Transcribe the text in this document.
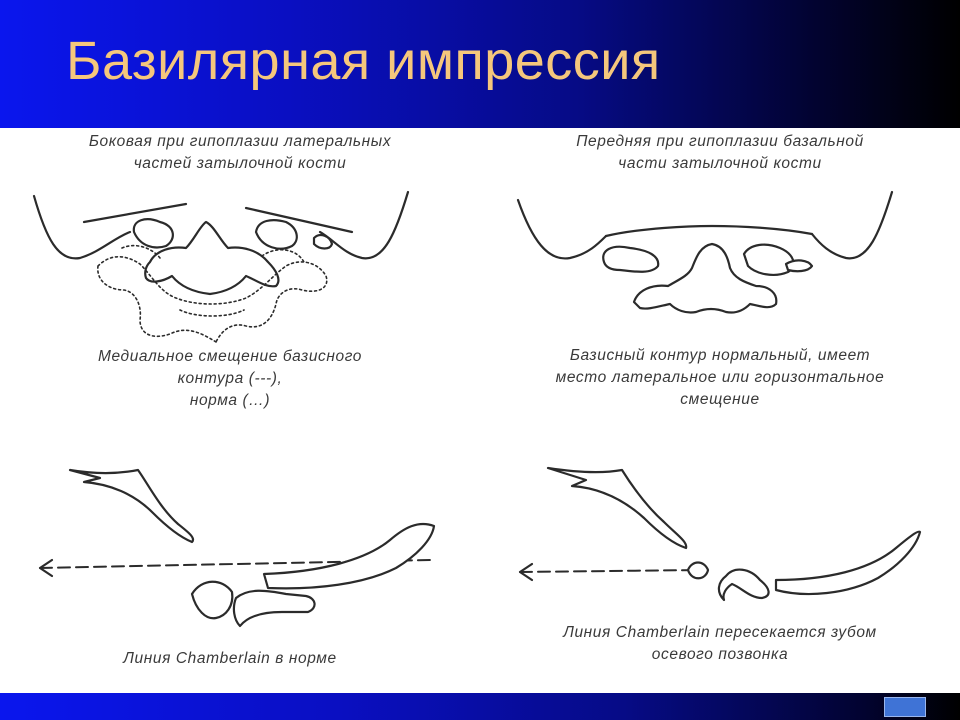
Базилярная импрессия
Боковая при гипоплазии латеральных
частей затылочной кости
Передняя при гипоплазии базальной
части затылочной кости
Медиальное смещение базисного
контура (---),
норма (…)
Базисный контур нормальный, имеет
место латеральное или горизонтальное
смещение
Линия Chamberlain в норме
Линия Chamberlain пересекается зубом
осевого позвонка
